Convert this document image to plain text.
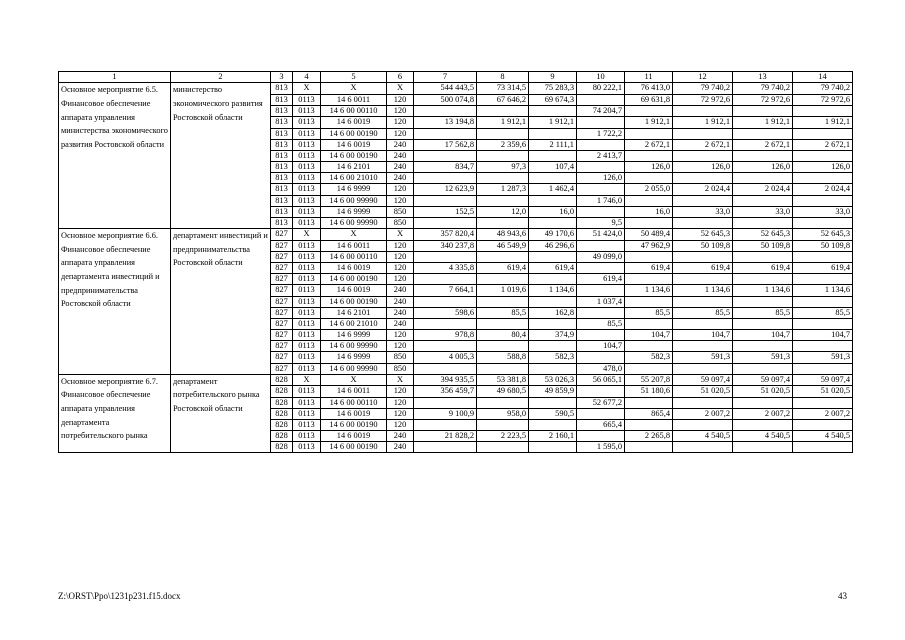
1	2	3	4	5	6	7	8	9	10	11	12	13	14
Основное мероприятие 6.5. Финансовое обеспечение аппарата управления министерства экономического развития Ростовской области	министерство экономического развития Ростовской области	813	X	X	X	544 443,5	73 314,5	75 283,3	80 222,1	76 413,0	79 740,2	79 740,2	79 740,2
		813	0113	14 6 0011	120	500 074,8	67 646,2	69 674,3		69 631,8	72 972,6	72 972,6	72 972,6
		813	0113	14 6 00 00110	120				74 204,7				
		813	0113	14 6 0019	120	13 194,8	1 912,1	1 912,1		1 912,1	1 912,1	1 912,1	1 912,1
		813	0113	14 6 00 00190	120				1 722,2				
		813	0113	14 6 0019	240	17 562,8	2 359,6	2 111,1		2 672,1	2 672,1	2 672,1	2 672,1
		813	0113	14 6 00 00190	240				2 413,7				
		813	0113	14 6 2101	240	834,7	97,3	107,4		126,0	126,0	126,0	126,0
		813	0113	14 6 00 21010	240				126,0				
		813	0113	14 6 9999	120	12 623,9	1 287,3	1 462,4		2 055,0	2 024,4	2 024,4	2 024,4
		813	0113	14 6 00 99990	120				1 746,0				
		813	0113	14 6 9999	850	152,5	12,0	16,0		16,0	33,0	33,0	33,0
		813	0113	14 6 00 99990	850				9,5				
Основное мероприятие 6.6. Финансовое обеспечение аппарата управления департамента инвестиций и предпринимательства Ростовской области	департамент инвестиций и предпринимательства Ростовской области	827	X	X	X	357 820,4	48 943,6	49 170,6	51 424,0	50 489,4	52 645,3	52 645,3	52 645,3
		827	0113	14 6 0011	120	340 237,8	46 549,9	46 296,6		47 962,9	50 109,8	50 109,8	50 109,8
		827	0113	14 6 00 00110	120				49 099,0				
		827	0113	14 6 0019	120	4 335,8	619,4	619,4		619,4	619,4	619,4	619,4
		827	0113	14 6 00 00190	120				619,4				
		827	0113	14 6 0019	240	7 664,1	1 019,6	1 134,6		1 134,6	1 134,6	1 134,6	1 134,6
		827	0113	14 6 00 00190	240				1 037,4				
		827	0113	14 6 2101	240	598,6	85,5	162,8		85,5	85,5	85,5	85,5
		827	0113	14 6 00 21010	240				85,5				
		827	0113	14 6 9999	120	978,8	80,4	374,9		104,7	104,7	104,7	104,7
		827	0113	14 6 00 99990	120				104,7				
		827	0113	14 6 9999	850	4 005,3	588,8	582,3		582,3	591,3	591,3	591,3
		827	0113	14 6 00 99990	850				478,0				
Основное мероприятие 6.7. Финансовое обеспечение аппарата управления департамента потребительского рынка	департамент потребительского рынка Ростовской области	828	X	X	X	394 935,5	53 381,8	53 026,3	56 065,1	55 207,8	59 097,4	59 097,4	59 097,4
		828	0113	14 6 0011	120	356 459,7	49 680,5	49 859,9		51 180,6	51 020,5	51 020,5	51 020,5
		828	0113	14 6 00 00110	120				52 677,2				
		828	0113	14 6 0019	120	9 100,9	958,0	590,5		865,4	2 007,2	2 007,2	2 007,2
		828	0113	14 6 00 00190	120				665,4				
		828	0113	14 6 0019	240	21 828,2	2 223,5	2 160,1		2 265,8	4 540,5	4 540,5	4 540,5
		828	0113	14 6 00 00190	240				1 595,0				
Z:\ORST\Ppo\1231p231.f15.docx	43
